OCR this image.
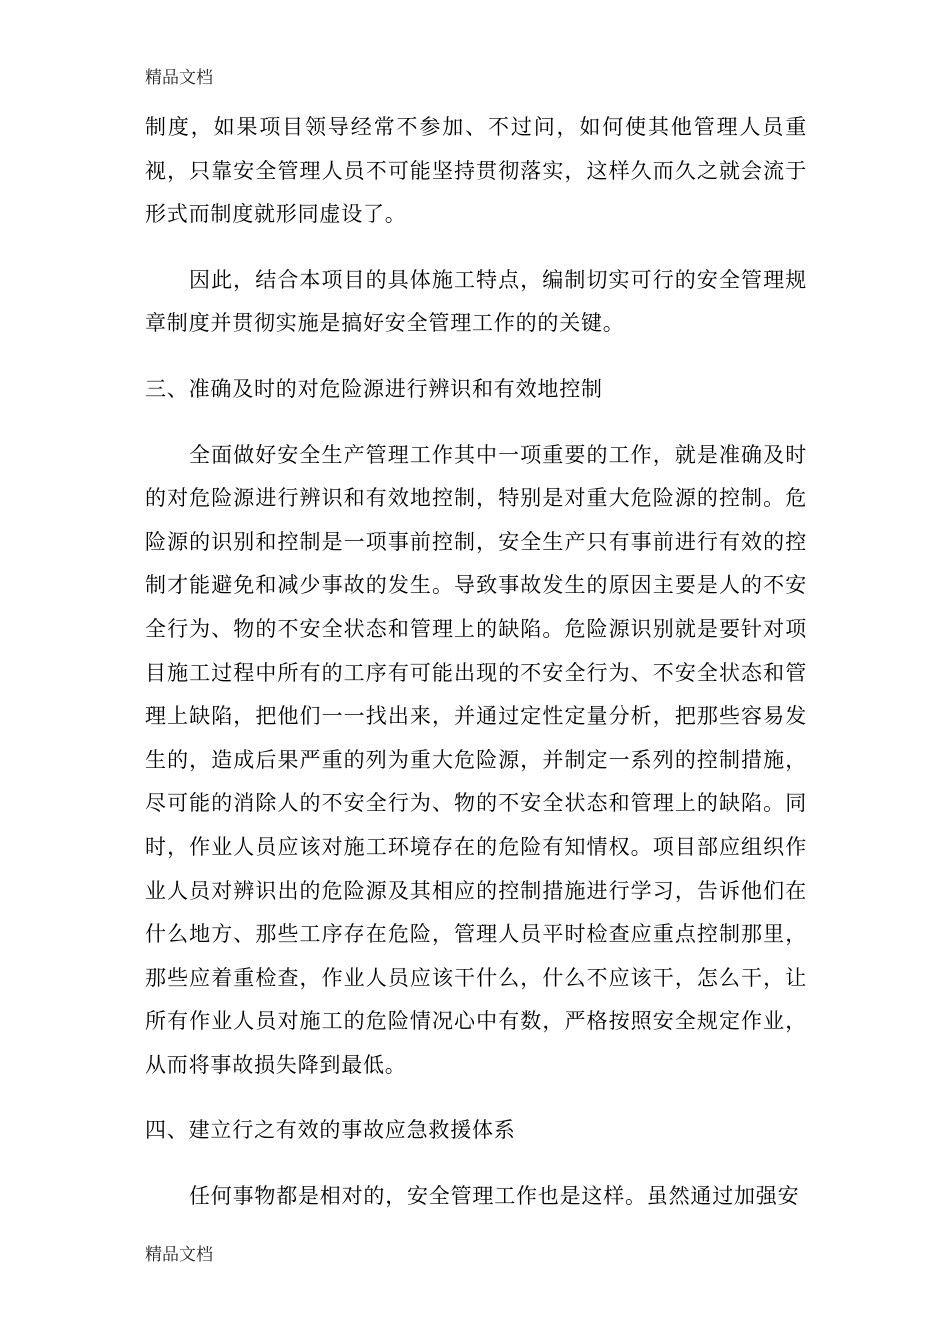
精品文档

制度，如果项目领导经常不参加、不过问，如何使其他管理人员重视，只靠安全管理人员不可能坚持贯彻落实，这样久而久之就会流于形式而制度就形同虚设了。

因此，结合本项目的具体施工特点，编制切实可行的安全管理规章制度并贯彻实施是搞好安全管理工作的的关键。

三、准确及时的对危险源进行辨识和有效地控制

全面做好安全生产管理工作其中一项重要的工作，就是准确及时的对危险源进行辨识和有效地控制，特别是对重大危险源的控制。危险源的识别和控制是一项事前控制，安全生产只有事前进行有效的控制才能避免和减少事故的发生。导致事故发生的原因主要是人的不安全行为、物的不安全状态和管理上的缺陷。危险源识别就是要针对项目施工过程中所有的工序有可能出现的不安全行为、不安全状态和管理上缺陷，把他们一一找出来，并通过定性定量分析，把那些容易发生的，造成后果严重的列为重大危险源，并制定一系列的控制措施，尽可能的消除人的不安全行为、物的不安全状态和管理上的缺陷。同时，作业人员应该对施工环境存在的危险有知情权。项目部应组织作业人员对辨识出的危险源及其相应的控制措施进行学习，告诉他们在什么地方、那些工序存在危险，管理人员平时检查应重点控制那里，那些应着重检查，作业人员应该干什么，什么不应该干，怎么干，让所有作业人员对施工的危险情况心中有数，严格按照安全规定作业，从而将事故损失降到最低。

四、建立行之有效的事故应急救援体系

任何事物都是相对的，安全管理工作也是这样。虽然通过加强安

精品文档
